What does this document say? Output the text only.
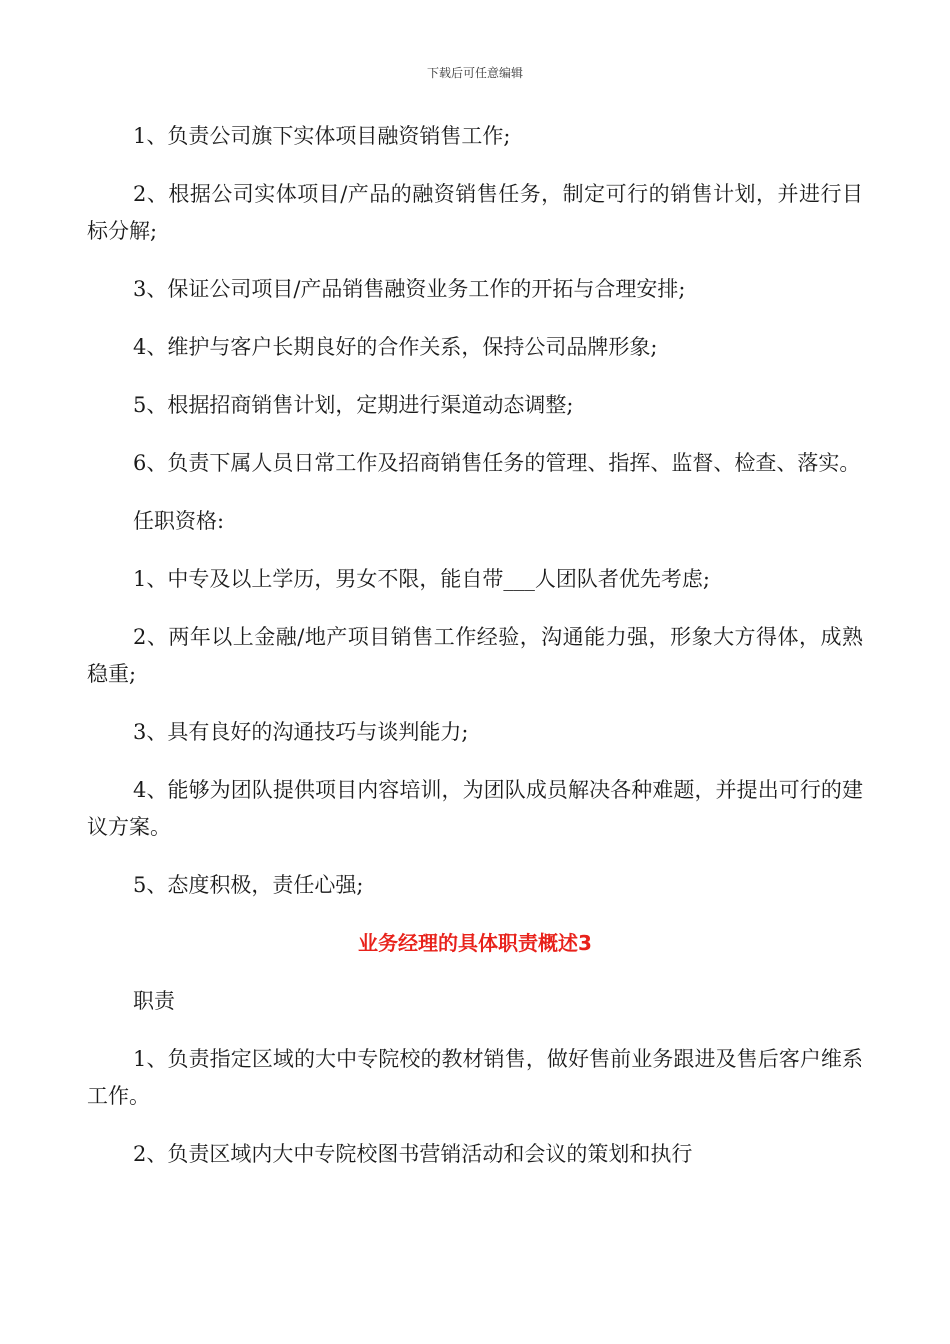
下载后可任意编辑

1、负责公司旗下实体项目融资销售工作;

2、根据公司实体项目/产品的融资销售任务，制定可行的销售计划，并进行目标分解;

3、保证公司项目/产品销售融资业务工作的开拓与合理安排;

4、维护与客户长期良好的合作关系，保持公司品牌形象;

5、根据招商销售计划，定期进行渠道动态调整;

6、负责下属人员日常工作及招商销售任务的管理、指挥、监督、检查、落实。

任职资格:

1、中专及以上学历，男女不限，能自带___人团队者优先考虑;

2、两年以上金融/地产项目销售工作经验，沟通能力强，形象大方得体，成熟稳重;

3、具有良好的沟通技巧与谈判能力;

4、能够为团队提供项目内容培训，为团队成员解决各种难题，并提出可行的建议方案。

5、态度积极，责任心强;

业务经理的具体职责概述3

职责

1、负责指定区域的大中专院校的教材销售，做好售前业务跟进及售后客户维系工作。

2、负责区域内大中专院校图书营销活动和会议的策划和执行
